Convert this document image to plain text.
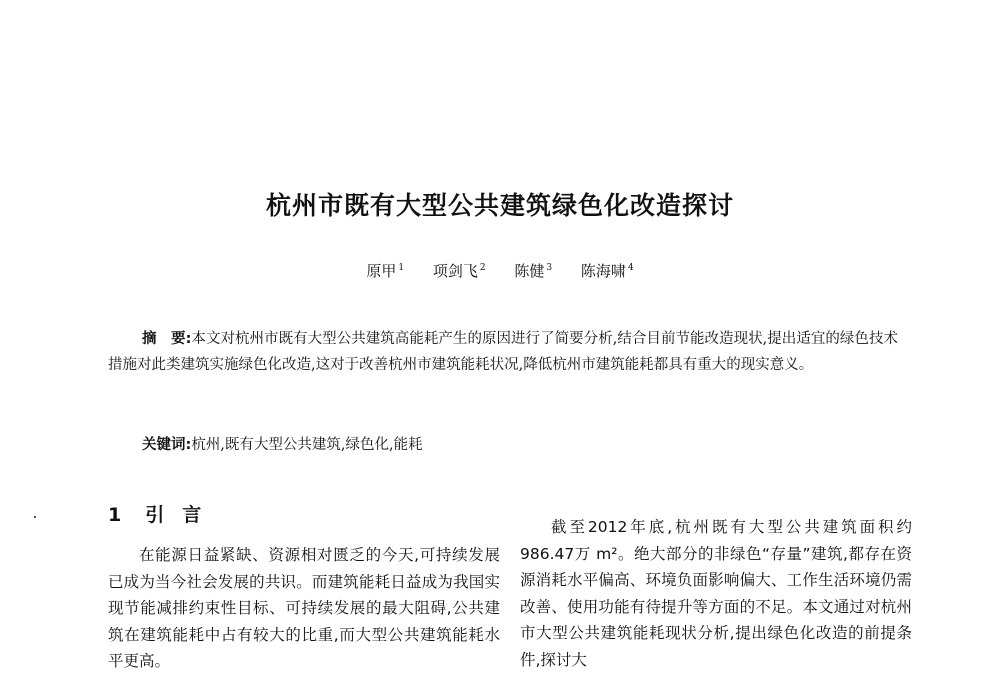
杭州市既有大型公共建筑绿色化改造探讨
原甲 $^1$ 项剑飞 $^2$ 陈健 $^3$ 陈海啸 $^4$

摘　要:本文对杭州市既有大型公共建筑高能耗产生的原因进行了简要分析,结合目前节能改造现状,提出适宜的绿色技术措施对此类建筑实施绿色化改造,这对于改善杭州市建筑能耗状况,降低杭州市建筑能耗都具有重大的现实意义。

关键词:杭州,既有大型公共建筑,绿色化,能耗

1 引言

在能源日益紧缺、资源相对匮乏的今天,可持续发展已成为当今社会发展的共识。而建筑能耗日益成为我国实现节能减排约束性目标、可持续发展的最大阻碍,公共建筑在建筑能耗中占有较大的比重,而大型公共建筑能耗水平更高。

截至2012年底,杭州既有大型公共建筑面积约986.47万 m²。绝大部分的非绿色“存量”建筑,都存在资源消耗水平偏高、环境负面影响偏大、工作生活环境仍需改善、使用功能有待提升等方面的不足。本文通过对杭州市大型公共建筑能耗现状分析,提出绿色化改造的前提条件,探讨大
